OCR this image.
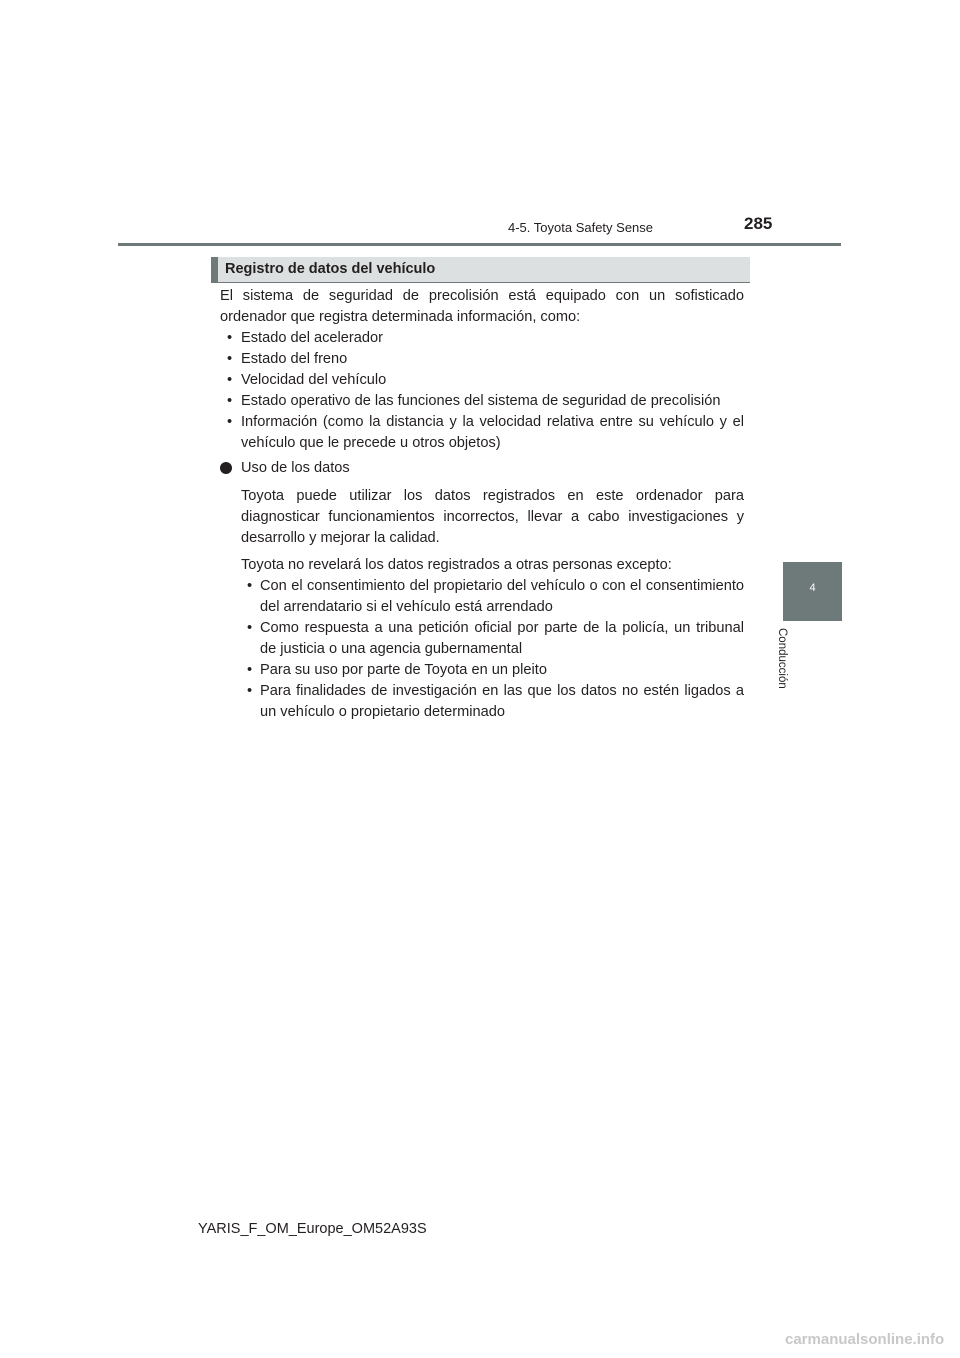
4-5. Toyota Safety Sense	285
4
Conducción
Registro de datos del vehículo

El sistema de seguridad de precolisión está equipado con un sofisticado ordenador que registra determinada información, como:

• Estado del acelerador
• Estado del freno
• Velocidad del vehículo
• Estado operativo de las funciones del sistema de seguridad de precolisión
• Información (como la distancia y la velocidad relativa entre su vehículo y el vehículo que le precede u otros objetos)
Uso de los datos

Toyota puede utilizar los datos registrados en este ordenador para diagnosticar funcionamientos incorrectos, llevar a cabo investigaciones y desarrollo y mejorar la calidad.

Toyota no revelará los datos registrados a otras personas excepto:

• Con el consentimiento del propietario del vehículo o con el consentimiento del arrendatario si el vehículo está arrendado
• Como respuesta a una petición oficial por parte de la policía, un tribunal de justicia o una agencia gubernamental
• Para su uso por parte de Toyota en un pleito
• Para finalidades de investigación en las que los datos no estén ligados a un vehículo o propietario determinado
YARIS_F_OM_Europe_OM52A93S
carmanualsonline.info
